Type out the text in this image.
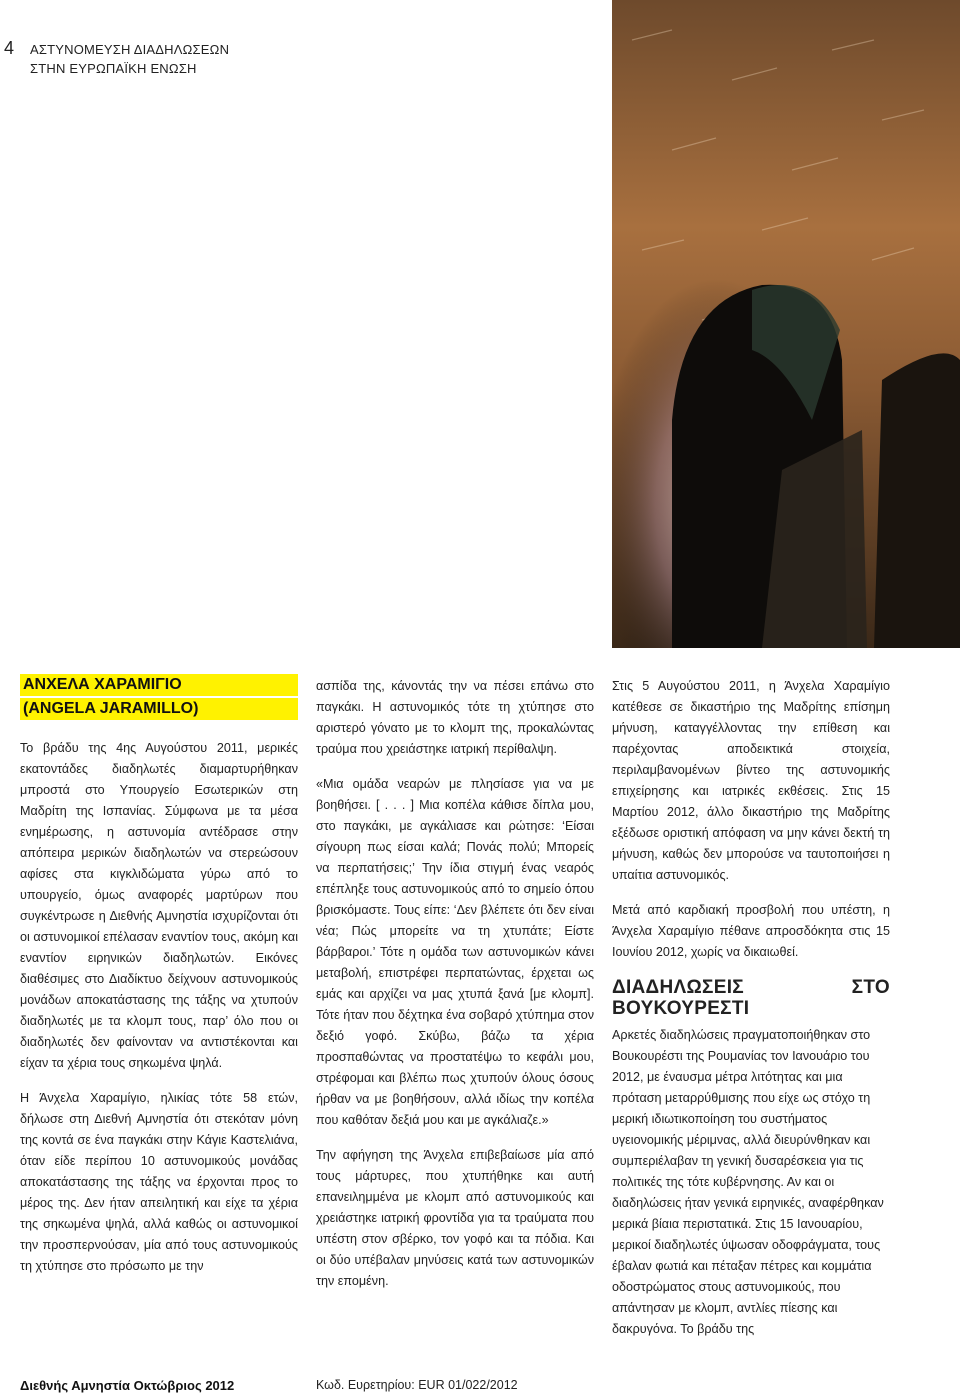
4 ΑΣΤΥΝΟΜΕΥΣΗ ΔΙΑΔΗΛΩΣΕΩΝ
ΣΤΗΝ ΕΥΡΩΠΑΪΚΗ ΕΝΩΣΗ
ΑΝΧΕΛΑ ΧΑΡΑΜΙΓΙΟ
(ANGELA JARAMILLO)

Το βράδυ της 4ης Αυγούστου 2011, μερικές εκατοντάδες διαδηλωτές διαμαρτυρήθηκαν μπροστά στο Υπουργείο Εσωτερικών στη Μαδρίτη της Ισπανίας. Σύμφωνα με τα μέσα ενημέρωσης, η αστυνομία αντέδρασε στην απόπειρα μερικών διαδηλωτών να στερεώσουν αφίσες στα κιγκλιδώματα γύρω από το υπουργείο, όμως αναφορές μαρτύρων που συγκέντρωσε η Διεθνής Αμνηστία ισχυρίζονται ότι οι αστυνομικοί επέλασαν εναντίον τους, ακόμη και εναντίον ειρηνικών διαδηλωτών. Εικόνες διαθέσιμες στο Διαδίκτυο δείχνουν αστυνομικούς μονάδων αποκατάστασης της τάξης να χτυπούν διαδηλωτές με τα κλομπ τους, παρ’ όλο που οι διαδηλωτές δεν φαίνονταν να αντιστέκονται και είχαν τα χέρια τους σηκωμένα ψηλά.

Η Άνχελα Χαραμίγιο, ηλικίας τότε 58 ετών, δήλωσε στη Διεθνή Αμνηστία ότι στεκόταν μόνη της κοντά σε ένα παγκάκι στην Κάγιε Καστελιάνα, όταν είδε περίπου 10 αστυνομικούς μονάδας αποκατάστασης της τάξης να έρχονται προς το μέρος της. Δεν ήταν απειλητική και είχε τα χέρια της σηκωμένα ψηλά, αλλά καθώς οι αστυνομικοί την προσπερνούσαν, μία από τους αστυνομικούς τη χτύπησε στο πρόσωπο με την

ασπίδα της, κάνοντάς την να πέσει επάνω στο παγκάκι. Η αστυνομικός τότε τη χτύπησε στο αριστερό γόνατο με το κλομπ της, προκαλώντας τραύμα που χρειάστηκε ιατρική περίθαλψη.

«Μια ομάδα νεαρών με πλησίασε για να με βοηθήσει. [ . . . ] Μια κοπέλα κάθισε δίπλα μου, στο παγκάκι, με αγκάλιασε και ρώτησε: ‘Είσαι σίγουρη πως είσαι καλά; Πονάς πολύ; Μπορείς να περπατήσεις;’ Την ίδια στιγμή ένας νεαρός επέπληξε τους αστυνομικούς από το σημείο όπου βρισκόμαστε. Τους είπε: ‘Δεν βλέπετε ότι δεν είναι νέα; Πώς μπορείτε να τη χτυπάτε; Είστε βάρβαροι.’ Τότε η ομάδα των αστυνομικών κάνει μεταβολή, επιστρέφει περπατώντας, έρχεται ως εμάς και αρχίζει να μας χτυπά ξανά [με κλομπ]. Τότε ήταν που δέχτηκα ένα σοβαρό χτύπημα στον δεξιό γοφό. Σκύβω, βάζω τα χέρια προσπαθώντας να προστατέψω το κεφάλι μου, στρέφομαι και βλέπω πως χτυπούν όλους όσους ήρθαν να με βοηθήσουν, αλλά ιδίως την κοπέλα που καθόταν δεξιά μου και με αγκάλιαζε.»

Την αφήγηση της Άνχελα επιβεβαίωσε μία από τους μάρτυρες, που χτυπήθηκε και αυτή επανειλημμένα με κλομπ από αστυνομικούς και χρειάστηκε ιατρική φροντίδα για τα τραύματα που υπέστη στον σβέρκο, τον γοφό και τα πόδια. Και οι δύο υπέβαλαν μηνύσεις κατά των αστυνομικών την επομένη.

Στις 5 Αυγούστου 2011, η Άνχελα Χαραμίγιο κατέθεσε σε δικαστήριο της Μαδρίτης επίσημη μήνυση, καταγγέλλοντας την επίθεση και παρέχοντας αποδεικτικά στοιχεία, περιλαμβανομένων βίντεο της αστυνομικής επιχείρησης και ιατρικές εκθέσεις. Στις 15 Μαρτίου 2012, άλλο δικαστήριο της Μαδρίτης εξέδωσε οριστική απόφαση να μην κάνει δεκτή τη μήνυση, καθώς δεν μπορούσε να ταυτοποιήσει η υπαίτια αστυνομικός.

Μετά από καρδιακή προσβολή που υπέστη, η Άνχελα Χαραμίγιο πέθανε απροσδόκητα στις 15 Ιουνίου 2012, χωρίς να δικαιωθεί.

ΔΙΑΔΗΛΩΣΕΙΣ ΣΤΟ ΒΟΥΚΟΥΡΕΣΤΙ

Αρκετές διαδηλώσεις πραγματοποιήθηκαν στο Βουκουρέστι της Ρουμανίας τον Ιανουάριο του 2012, με έναυσμα μέτρα λιτότητας και μια πρόταση μεταρρύθμισης που είχε ως στόχο τη μερική ιδιωτικοποίηση του συστήματος υγειονομικής μέριμνας, αλλά διευρύνθηκαν και συμπεριέλαβαν τη γενική δυσαρέσκεια για τις πολιτικές της τότε κυβέρνησης. Αν και οι διαδηλώσεις ήταν γενικά ειρηνικές, αναφέρθηκαν μερικά βίαια περιστατικά. Στις 15 Ιανουαρίου, μερικοί διαδηλωτές ύψωσαν οδοφράγματα, τους έβαλαν φωτιά και πέταξαν πέτρες και κομμάτια οδοστρώματος στους αστυνομικούς, που απάντησαν με κλομπ, αντλίες πίεσης και δακρυγόνα. Το βράδυ της

Διεθνής Αμνηστία Οκτώβριος 2012	Κωδ. Ευρετηρίου: EUR 01/022/2012
